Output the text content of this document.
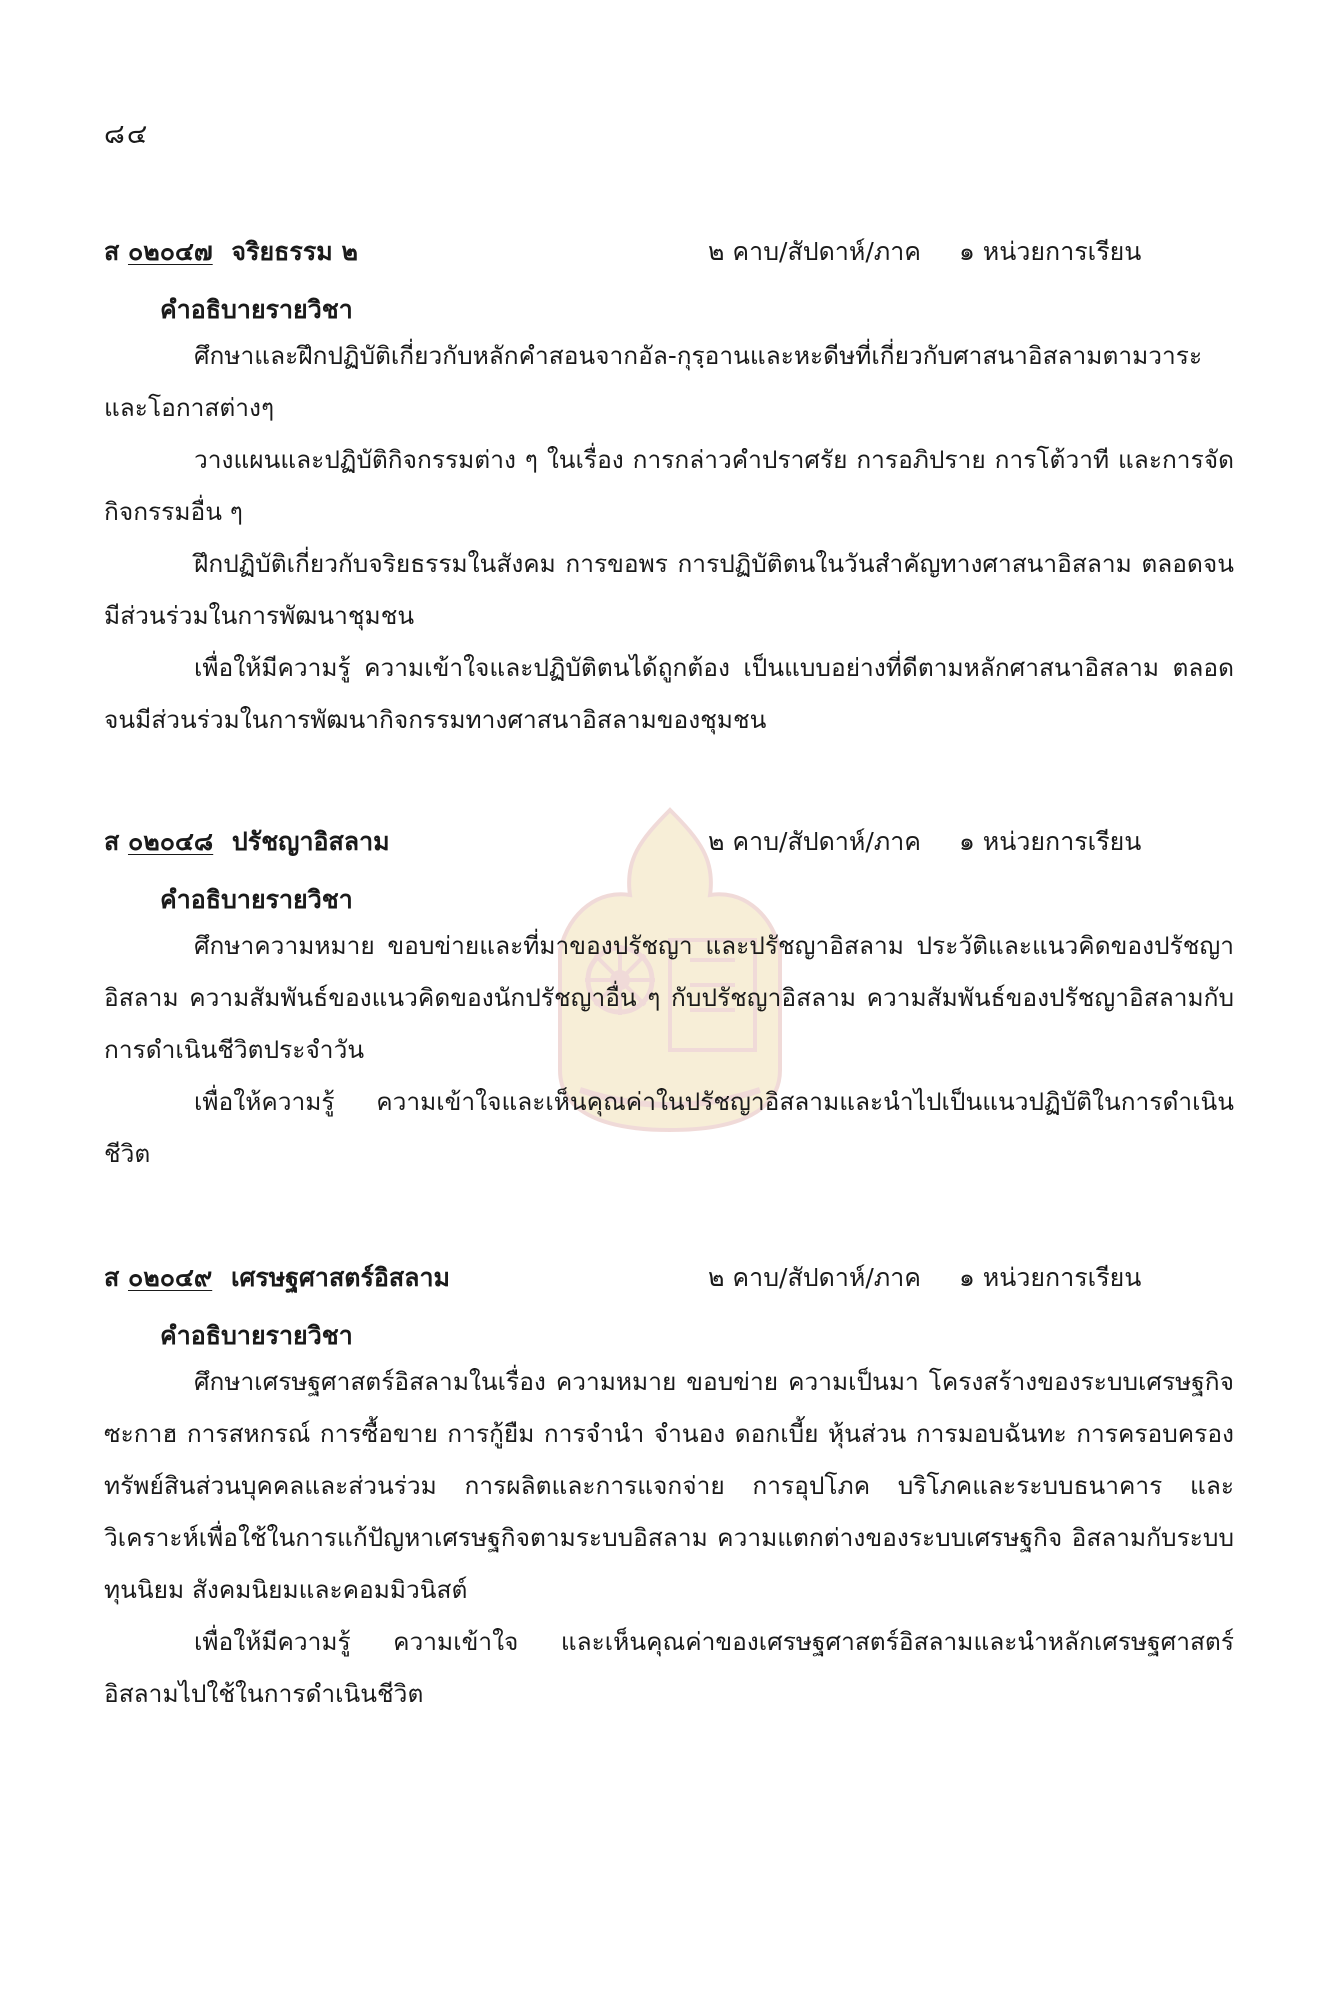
๘๔
ส ๐๒๐๔๗ จริยธรรม ๒	๒ คาบ/สัปดาห์/ภาค ๑ หน่วยการเรียน
คำอธิบายรายวิชา

ศึกษาและฝึกปฏิบัติเกี่ยวกับหลักคำสอนจากอัล-กุรฺอานและหะดีษที่เกี่ยวกับศาสนาอิสลามตามวาระและโอกาสต่างๆ

วางแผนและปฏิบัติกิจกรรมต่าง ๆ ในเรื่อง การกล่าวคำปราศรัย การอภิปราย การโต้วาที และการจัดกิจกรรมอื่น ๆ

ฝึกปฏิบัติเกี่ยวกับจริยธรรมในสังคม การขอพร การปฏิบัติตนในวันสำคัญทางศาสนาอิสลาม ตลอดจนมีส่วนร่วมในการพัฒนาชุมชน

เพื่อให้มีความรู้ ความเข้าใจและปฏิบัติตนได้ถูกต้อง เป็นแบบอย่างที่ดีตามหลักศาสนาอิสลาม ตลอดจนมีส่วนร่วมในการพัฒนากิจกรรมทางศาสนาอิสลามของชุมชน

ส ๐๒๐๔๘ ปรัชญาอิสลาม	๒ คาบ/สัปดาห์/ภาค ๑ หน่วยการเรียน
คำอธิบายรายวิชา

ศึกษาความหมาย ขอบข่ายและที่มาของปรัชญา และปรัชญาอิสลาม ประวัติและแนวคิดของปรัชญาอิสลาม ความสัมพันธ์ของแนวคิดของนักปรัชญาอื่น ๆ กับปรัชญาอิสลาม ความสัมพันธ์ของปรัชญาอิสลามกับการดำเนินชีวิตประจำวัน

เพื่อให้ความรู้ ความเข้าใจและเห็นคุณค่าในปรัชญาอิสลามและนำไปเป็นแนวปฏิบัติในการดำเนินชีวิต

ส ๐๒๐๔๙ เศรษฐศาสตร์อิสลาม	๒ คาบ/สัปดาห์/ภาค ๑ หน่วยการเรียน
คำอธิบายรายวิชา

ศึกษาเศรษฐศาสตร์อิสลามในเรื่อง ความหมาย ขอบข่าย ความเป็นมา โครงสร้างของระบบเศรษฐกิจ ซะกาฮ การสหกรณ์ การซื้อขาย การกู้ยืม การจำนำ จำนอง ดอกเบี้ย หุ้นส่วน การมอบฉันทะ การครอบครองทรัพย์สินส่วนบุคคลและส่วนร่วม การผลิตและการแจกจ่าย การอุปโภค บริโภคและระบบธนาคาร และวิเคราะห์เพื่อใช้ในการแก้ปัญหาเศรษฐกิจตามระบบอิสลาม ความแตกต่างของระบบเศรษฐกิจ อิสลามกับระบบทุนนิยม สังคมนิยมและคอมมิวนิสต์

เพื่อให้มีความรู้ ความเข้าใจ และเห็นคุณค่าของเศรษฐศาสตร์อิสลามและนำหลักเศรษฐศาสตร์อิสลามไปใช้ในการดำเนินชีวิต
